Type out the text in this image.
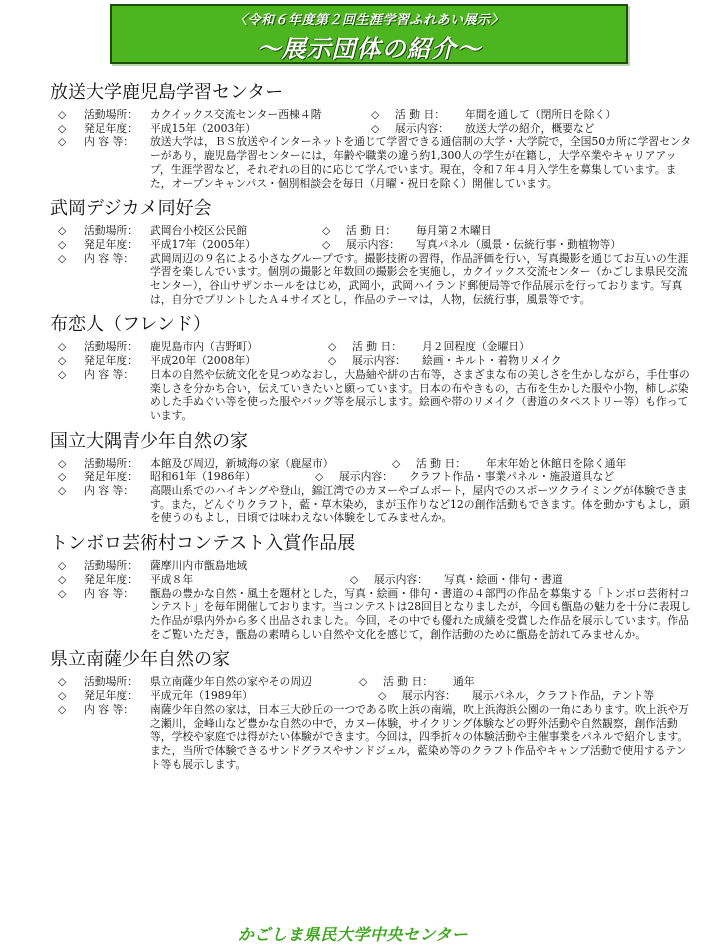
〈令和６年度第２回生涯学習ふれあい展示〉
～展示団体の紹介～
放送大学鹿児島学習センター
◇	活動場所：	カクイックス交流センター西棟４階	◇	活 動 日：	年間を通して（閉所日を除く）
◇	発足年度：	平成15年（2003年）	◇	展示内容：	放送大学の紹介，概要など
◇	内 容 等：	放送大学は，ＢＳ放送やインターネットを通じて学習できる通信制の大学・大学院で，全国50カ所に学習センターがあり，鹿児島学習センターには，年齢や職業の違う約1,300人の学生が在籍し，大学卒業やキャリアアップ，生涯学習など，それぞれの目的に応じて学んでいます。現在，令和７年４月入学生を募集しています。また，オープンキャンパス・個別相談会を毎日（月曜・祝日を除く）開催しています。
武岡デジカメ同好会
◇	活動場所：	武岡台小校区公民館	◇	活 動 日：	毎月第２木曜日
◇	発足年度：	平成17年（2005年）	◇	展示内容：	写真パネル（風景・伝統行事・動植物等）
◇	内 容 等：	武岡周辺の９名による小さなグループです。撮影技術の習得，作品評価を行い，写真撮影を通じてお互いの生涯学習を楽しんでいます。個別の撮影と年数回の撮影会を実施し，カクイックス交流センター（かごしま県民交流センター），谷山サザンホールをはじめ，武岡小，武岡ハイランド郵便局等で作品展示を行っております。写真は，自分でプリントしたＡ４サイズとし，作品のテーマは，人物，伝統行事，風景等です。
布恋人（フレンド）
◇	活動場所：	鹿児島市内（吉野町）	◇	活 動 日：	月２回程度（金曜日）
◇	発足年度：	平成20年（2008年）	◇	展示内容：	絵画・キルト・着物リメイク
◇	内 容 等：	日本の自然や伝統文化を見つめなおし，大島紬や絣の古布等，さまざまな布の美しさを生かしながら，手仕事の楽しさを分かち合い，伝えていきたいと願っています。日本の布やきもの，古布を生かした服や小物，柿しぶ染めした手ぬぐい等を使った服やバッグ等を展示します。絵画や帯のリメイク（書道のタペストリー等）も作っています。
国立大隅青少年自然の家
◇	活動場所：	本館及び周辺，新城海の家（鹿屋市）	◇	活 動 日：	年末年始と休館日を除く通年
◇	発足年度：	昭和61年（1986年）	◇	展示内容：	クラフト作品・事業パネル・施設道具など
◇	内 容 等：	高隈山系でのハイキングや登山，錦江湾でのカヌーやゴムボート，屋内でのスポーツクライミングが体験できます。また，どんぐりクラフト，藍・草木染め，まが玉作りなど12の創作活動もできます。体を動かすもよし，頭を使うのもよし，日頃では味わえない体験をしてみませんか。
トンボロ芸術村コンテスト入賞作品展
◇	活動場所：	薩摩川内市甑島地域
◇	発足年度：	平成８年	◇	展示内容：	写真・絵画・俳句・書道
◇	内 容 等：	甑島の豊かな自然・風土を題材とした，写真・絵画・俳句・書道の４部門の作品を募集する「トンボロ芸術村コンテスト」を毎年開催しております。当コンテストは28回目となりましたが，今回も甑島の魅力を十分に表現した作品が県内外から多く出品されました。今回，その中でも優れた成績を受賞した作品を展示しています。作品をご覧いただき，甑島の素晴らしい自然や文化を感じて，創作活動のために甑島を訪れてみませんか。
県立南薩少年自然の家
◇	活動場所：	県立南薩少年自然の家やその周辺	◇	活 動 日：	通年
◇	発足年度：	平成元年（1989年）	◇	展示内容：	展示パネル，クラフト作品，テント等
◇	内 容 等：	南薩少年自然の家は，日本三大砂丘の一つである吹上浜の南端，吹上浜海浜公園の一角にあります。吹上浜や万之瀬川，金峰山など豊かな自然の中で，カヌー体験，サイクリング体験などの野外活動や自然観察，創作活動等，学校や家庭では得がたい体験ができます。今回は，四季折々の体験活動や主催事業をパネルで紹介します。また，当所で体験できるサンドグラスやサンドジェル，藍染め等のクラフト作品やキャンプ活動で使用するテント等も展示します。
かごしま県民大学中央センター
